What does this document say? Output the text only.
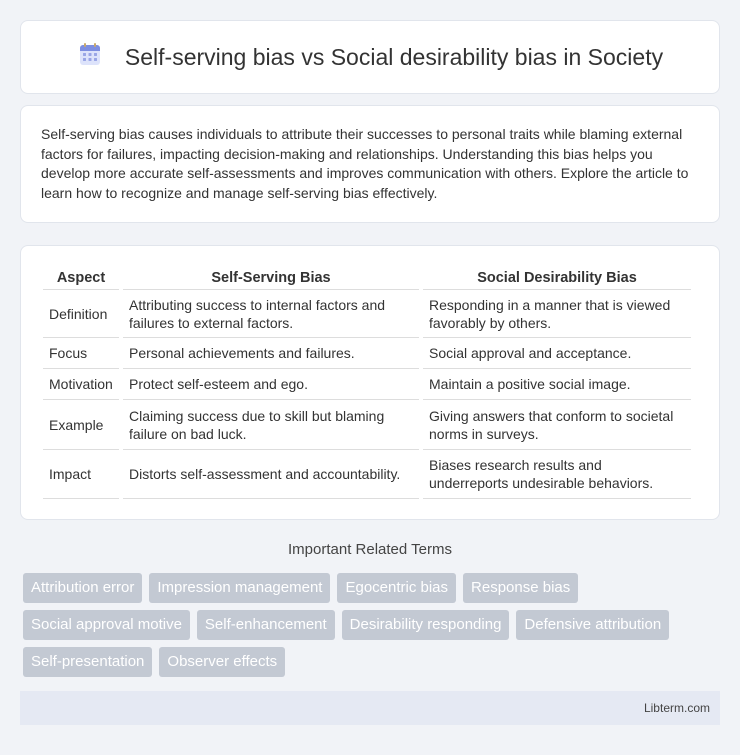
Self-serving bias vs Social desirability bias in Society

Self-serving bias causes individuals to attribute their successes to personal traits while blaming external factors for failures, impacting decision-making and relationships. Understanding this bias helps you develop more accurate self-assessments and improves communication with others. Explore the article to learn how to recognize and manage self-serving bias effectively.

Aspect	Self-Serving Bias	Social Desirability Bias
Definition	Attributing success to internal factors and failures to external factors.	Responding in a manner that is viewed favorably by others.
Focus	Personal achievements and failures.	Social approval and acceptance.
Motivation	Protect self-esteem and ego.	Maintain a positive social image.
Example	Claiming success due to skill but blaming failure on bad luck.	Giving answers that conform to societal norms in surveys.
Impact	Distorts self-assessment and accountability.	Biases research results and underreports undesirable behaviors.
Important Related Terms
Attribution error	Impression management	Egocentric bias	Response bias
Social approval motive	Self-enhancement	Desirability responding	Defensive attribution
Self-presentation	Observer effects
Libterm.com
